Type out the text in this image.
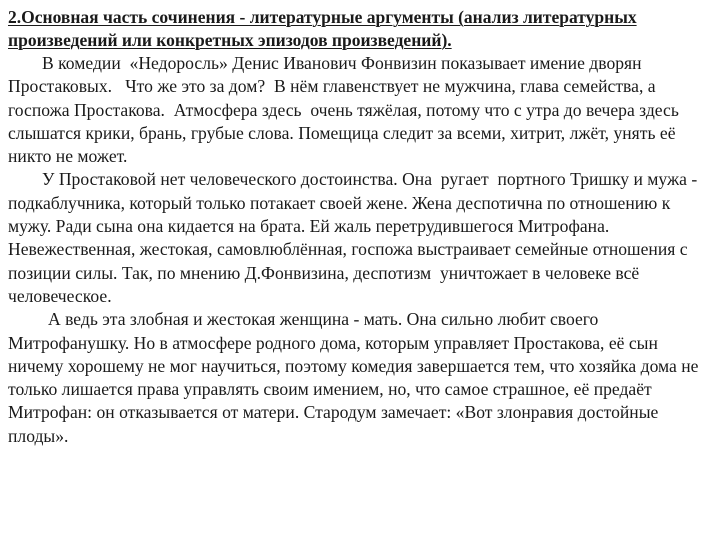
2.Основная часть сочинения - литературные аргументы (анализ литературных произведений или конкретных эпизодов произведений).

В комедии  «Недоросль» Денис Иванович Фонвизин показывает имение дворян Простаковых.   Что же это за дом?  В нём главенствует не мужчина, глава семейства, а госпожа Простакова.  Атмосфера здесь  очень тяжёлая, потому что с утра до вечера здесь слышатся крики, брань, грубые слова. Помещица следит за всеми, хитрит, лжёт, унять её никто не может.

У Простаковой нет человеческого достоинства. Она  ругает  портного Тришку и мужа - подкаблучника, который только потакает своей жене. Жена деспотична по отношению к мужу. Ради сына она кидается на брата. Ей жаль перетрудившегося Митрофана.       Невежественная, жестокая, самовлюблённая, госпожа выстраивает семейные отношения с позиции силы. Так, по мнению Д.Фонвизина, деспотизм  уничтожает в человеке всё человеческое.

А ведь эта злобная и жестокая женщина - мать. Она сильно любит своего Митрофанушку. Но в атмосфере родного дома, которым управляет Простакова, её сын ничему хорошему не мог научиться, поэтому комедия завершается тем, что хозяйка дома не только лишается права управлять своим имением, но, что самое страшное, её предаёт Митрофан: он отказывается от матери. Стародум замечает: «Вот злонравия достойные плоды».
